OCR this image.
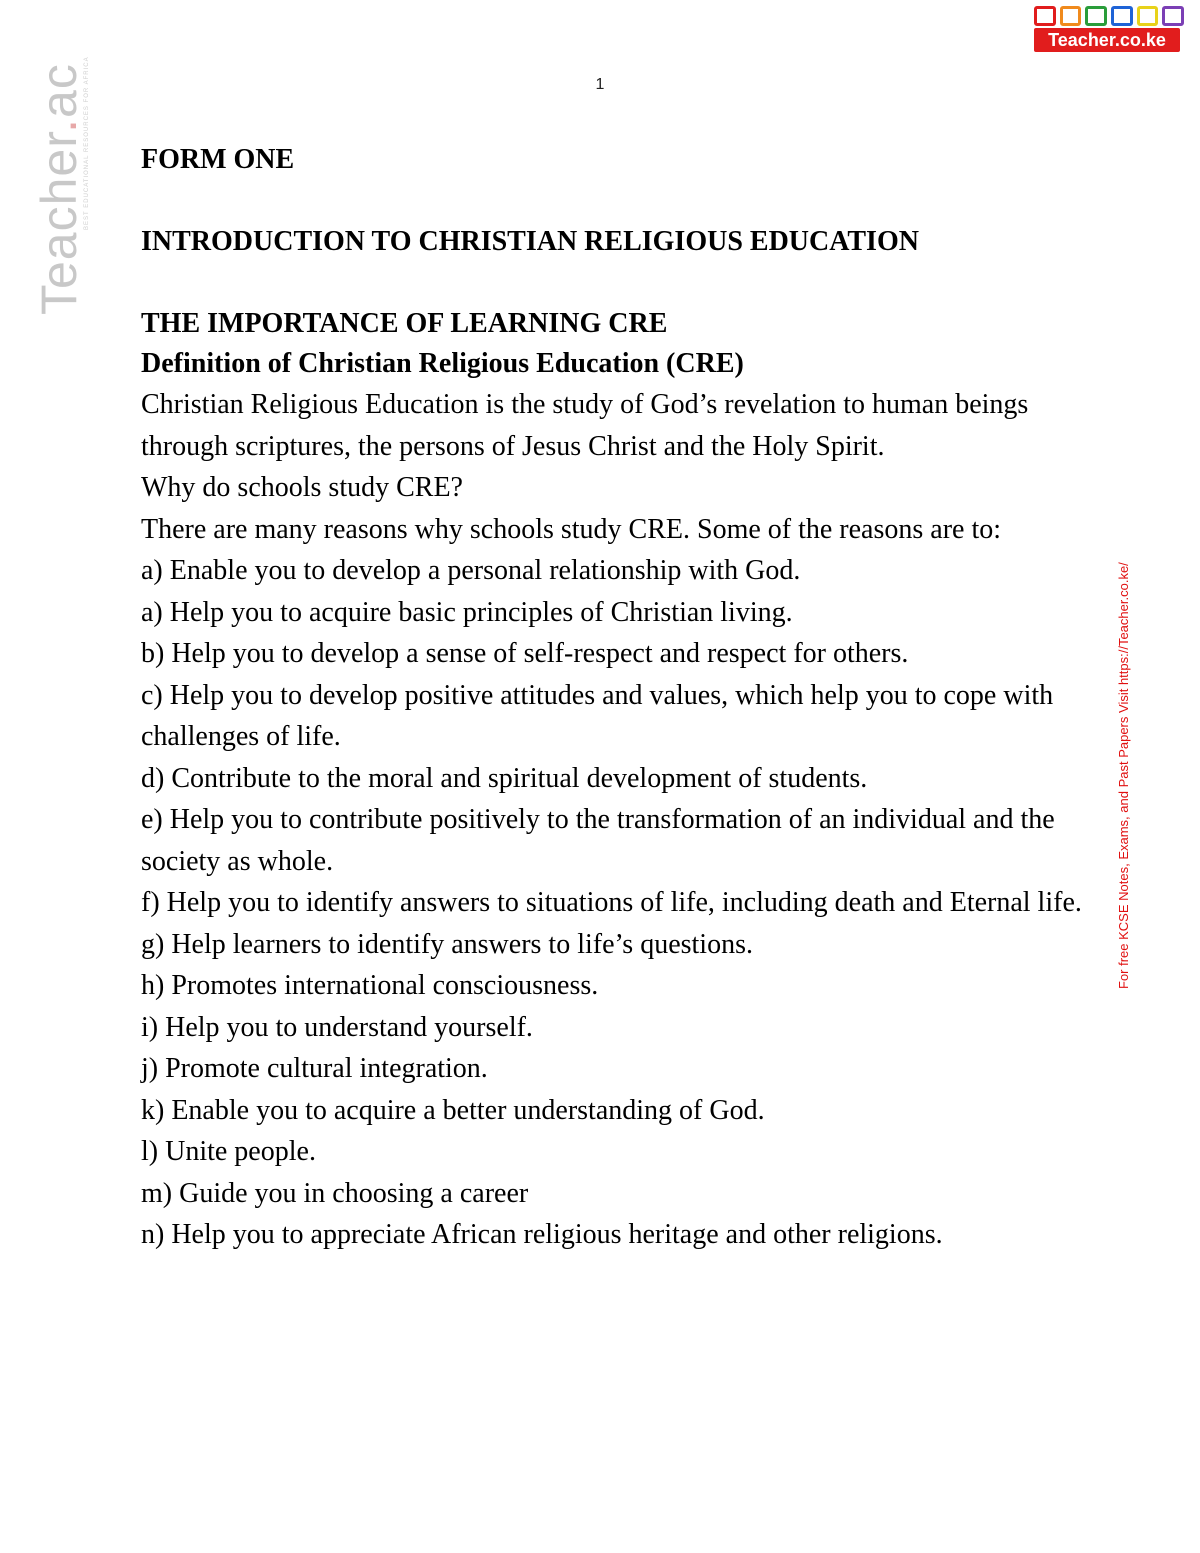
1
Teacher.ac
BEST EDUCATIONAL RESOURCES FOR AFRICA
Teacher.co.ke
For free KCSE Notes, Exams, and Past Papers Visit https://Teacher.co.ke/
FORM ONE
INTRODUCTION TO CHRISTIAN RELIGIOUS EDUCATION
THE IMPORTANCE OF LEARNING CRE
Definition of Christian Religious Education (CRE)

Christian Religious Education is the study of God’s revelation to human beings through scriptures, the persons of Jesus Christ and the Holy Spirit.

Why do schools study CRE?

There are many reasons why schools study CRE. Some of the reasons are to:

a) Enable you to develop a personal relationship with God.
a) Help you to acquire basic principles of Christian living.
b) Help you to develop a sense of self-respect and respect for others.
c) Help you to develop positive attitudes and values, which help you to cope with challenges of life.
d) Contribute to the moral and spiritual development of students.
e) Help you to contribute positively to the transformation of an individual and the society as whole.
f) Help you to identify answers to situations of life, including death and Eternal life.
g) Help learners to identify answers to life’s questions.
h) Promotes international consciousness.
i) Help you to understand yourself.
j) Promote cultural integration.
k) Enable you to acquire a better understanding of God.
l) Unite people.
m) Guide you in choosing a career
n) Help you to appreciate African religious heritage and other religions.
